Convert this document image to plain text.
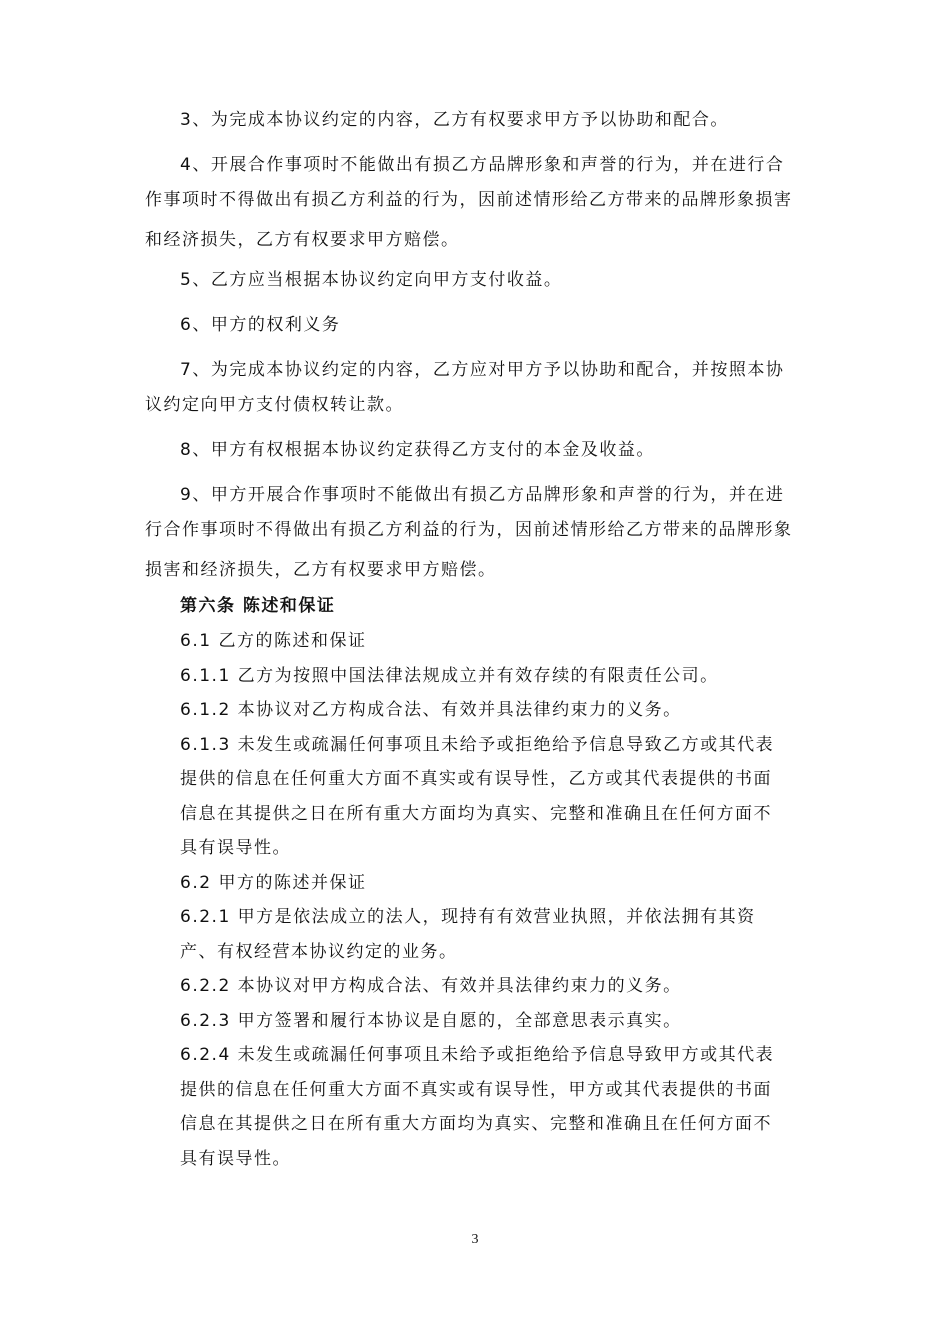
3、为完成本协议约定的内容，乙方有权要求甲方予以协助和配合。
4、开展合作事项时不能做出有损乙方品牌形象和声誉的行为，并在进行合
作事项时不得做出有损乙方利益的行为，因前述情形给乙方带来的品牌形象损害
和经济损失，乙方有权要求甲方赔偿。
5、乙方应当根据本协议约定向甲方支付收益。
6、甲方的权利义务
7、为完成本协议约定的内容，乙方应对甲方予以协助和配合，并按照本协
议约定向甲方支付债权转让款。
8、甲方有权根据本协议约定获得乙方支付的本金及收益。
9、甲方开展合作事项时不能做出有损乙方品牌形象和声誉的行为，并在进
行合作事项时不得做出有损乙方利益的行为，因前述情形给乙方带来的品牌形象
损害和经济损失，乙方有权要求甲方赔偿。
第六条 陈述和保证
6.1 乙方的陈述和保证
6.1.1 乙方为按照中国法律法规成立并有效存续的有限责任公司。
6.1.2 本协议对乙方构成合法、有效并具法律约束力的义务。
6.1.3 未发生或疏漏任何事项且未给予或拒绝给予信息导致乙方或其代表
提供的信息在任何重大方面不真实或有误导性，乙方或其代表提供的书面
信息在其提供之日在所有重大方面均为真实、完整和准确且在任何方面不
具有误导性。
6.2 甲方的陈述并保证
6.2.1 甲方是依法成立的法人，现持有有效营业执照，并依法拥有其资
产、有权经营本协议约定的业务。
6.2.2 本协议对甲方构成合法、有效并具法律约束力的义务。
6.2.3 甲方签署和履行本协议是自愿的，全部意思表示真实。
6.2.4 未发生或疏漏任何事项且未给予或拒绝给予信息导致甲方或其代表
提供的信息在任何重大方面不真实或有误导性，甲方或其代表提供的书面
信息在其提供之日在所有重大方面均为真实、完整和准确且在任何方面不
具有误导性。
3
